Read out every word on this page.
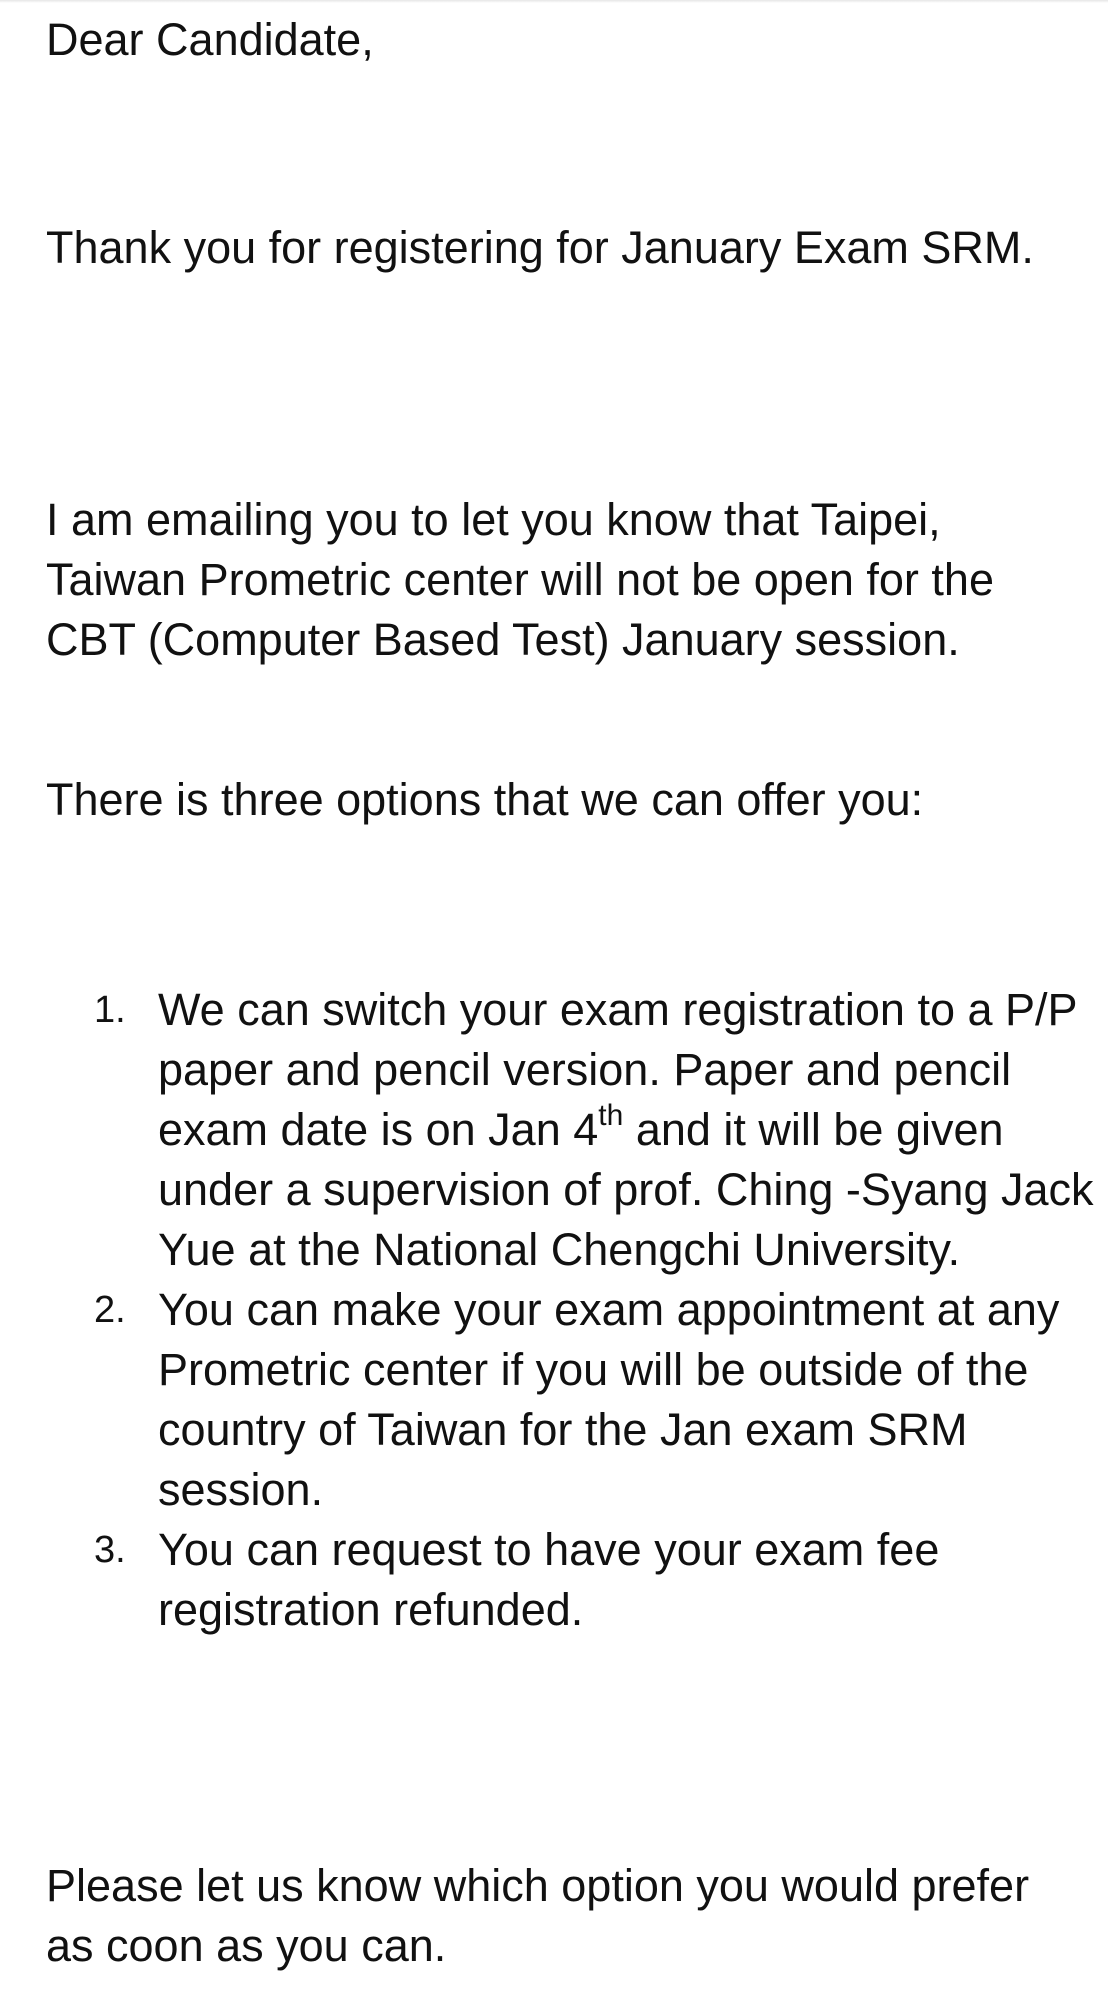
Dear Candidate,

Thank you for registering for January Exam SRM.

I am emailing you to let you know that Taipei, Taiwan Prometric center will not be open for the CBT (Computer Based Test) January session.

There is three options that we can offer you:

1. We can switch your exam registration to a P/P paper and pencil version. Paper and pencil exam date is on Jan 4th and it will be given under a supervision of prof. Ching -Syang Jack Yue at the National Chengchi University.
2. You can make your exam appointment at any Prometric center if you will be outside of the country of Taiwan for the Jan exam SRM session.
3. You can request to have your exam fee registration refunded.

Please let us know which option you would prefer as coon as you can.
